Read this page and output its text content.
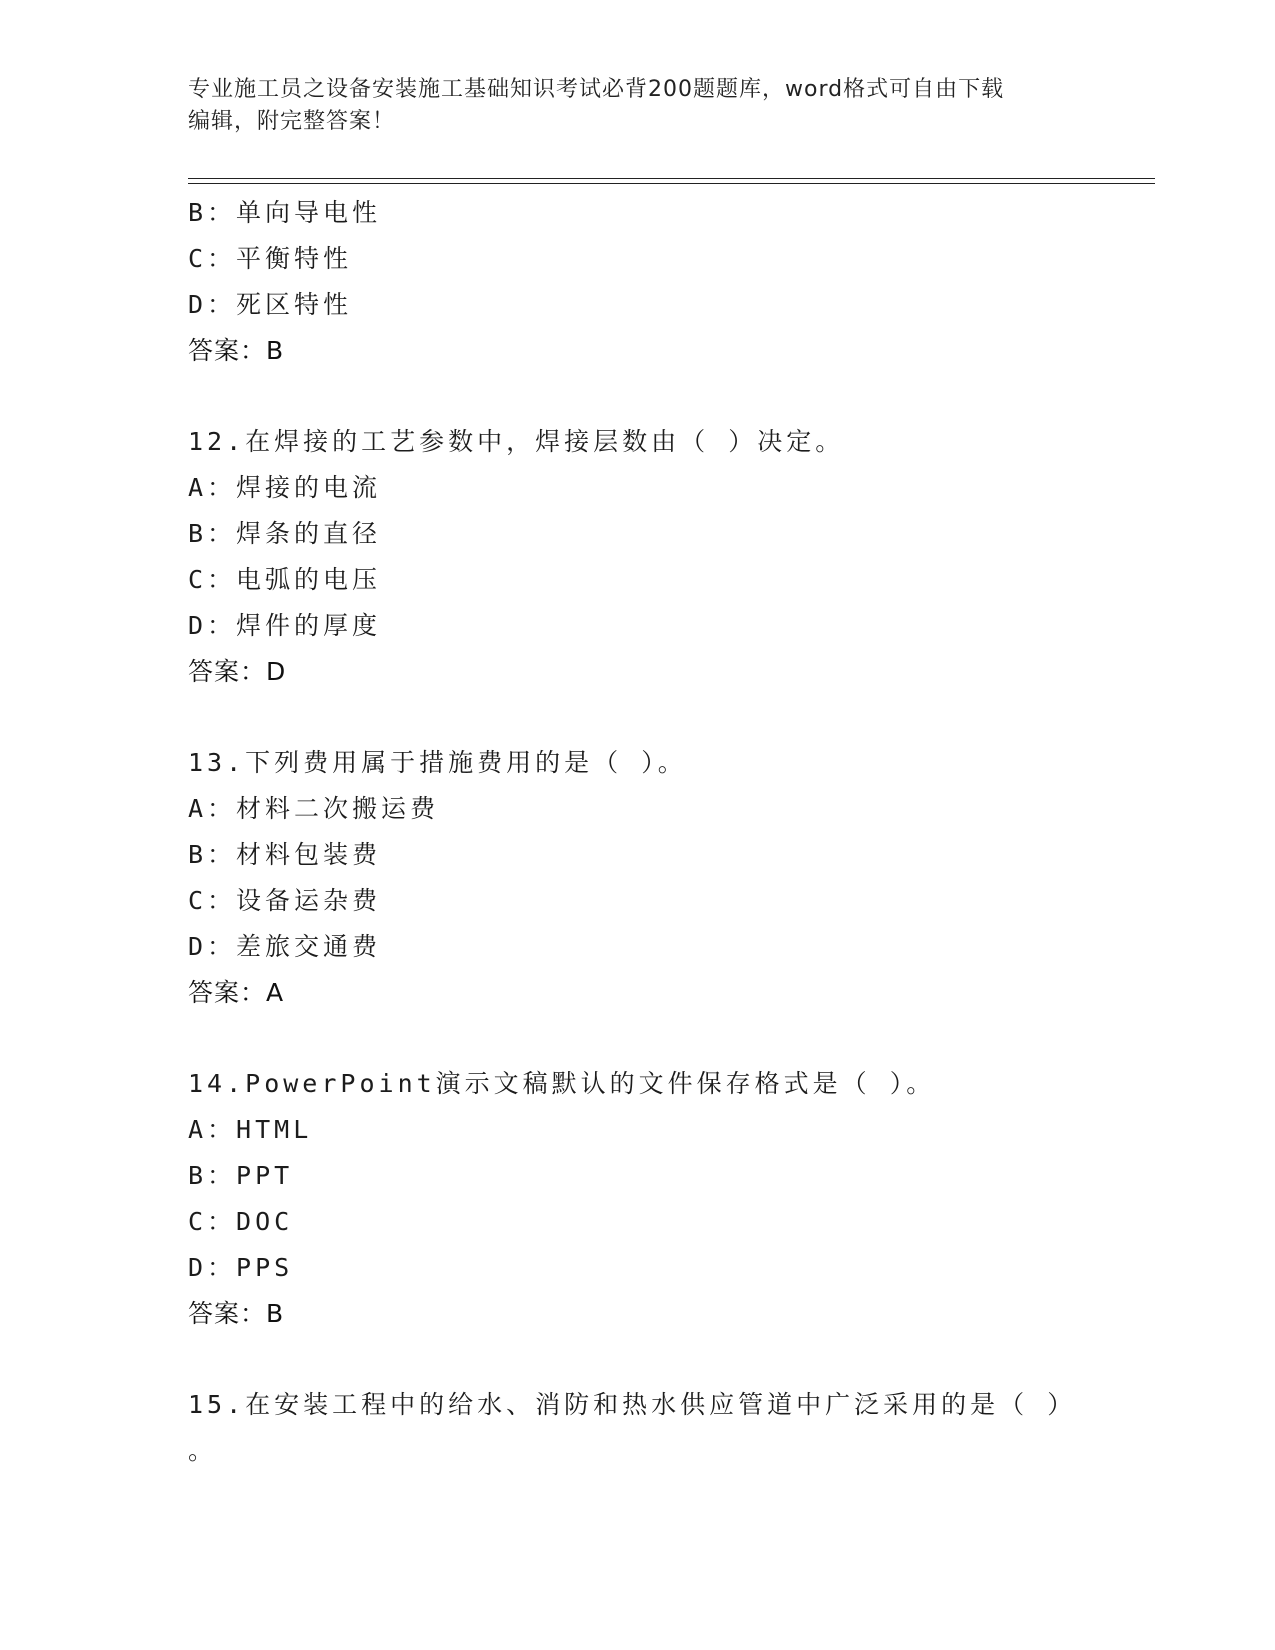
专业施工员之设备安装施工基础知识考试必背200题题库，word格式可自由下载
编辑，附完整答案！
B：单向导电性
C：平衡特性
D：死区特性
答案：B
12.在焊接的工艺参数中，焊接层数由（ ）决定。
A：焊接的电流
B：焊条的直径
C：电弧的电压
D：焊件的厚度
答案：D
13.下列费用属于措施费用的是（ ）。
A：材料二次搬运费
B：材料包装费
C：设备运杂费
D：差旅交通费
答案：A
14.PowerPoint演示文稿默认的文件保存格式是（ ）。
A：HTML
B：PPT
C：DOC
D：PPS
答案：B
15.在安装工程中的给水、消防和热水供应管道中广泛采用的是（ ）
。
